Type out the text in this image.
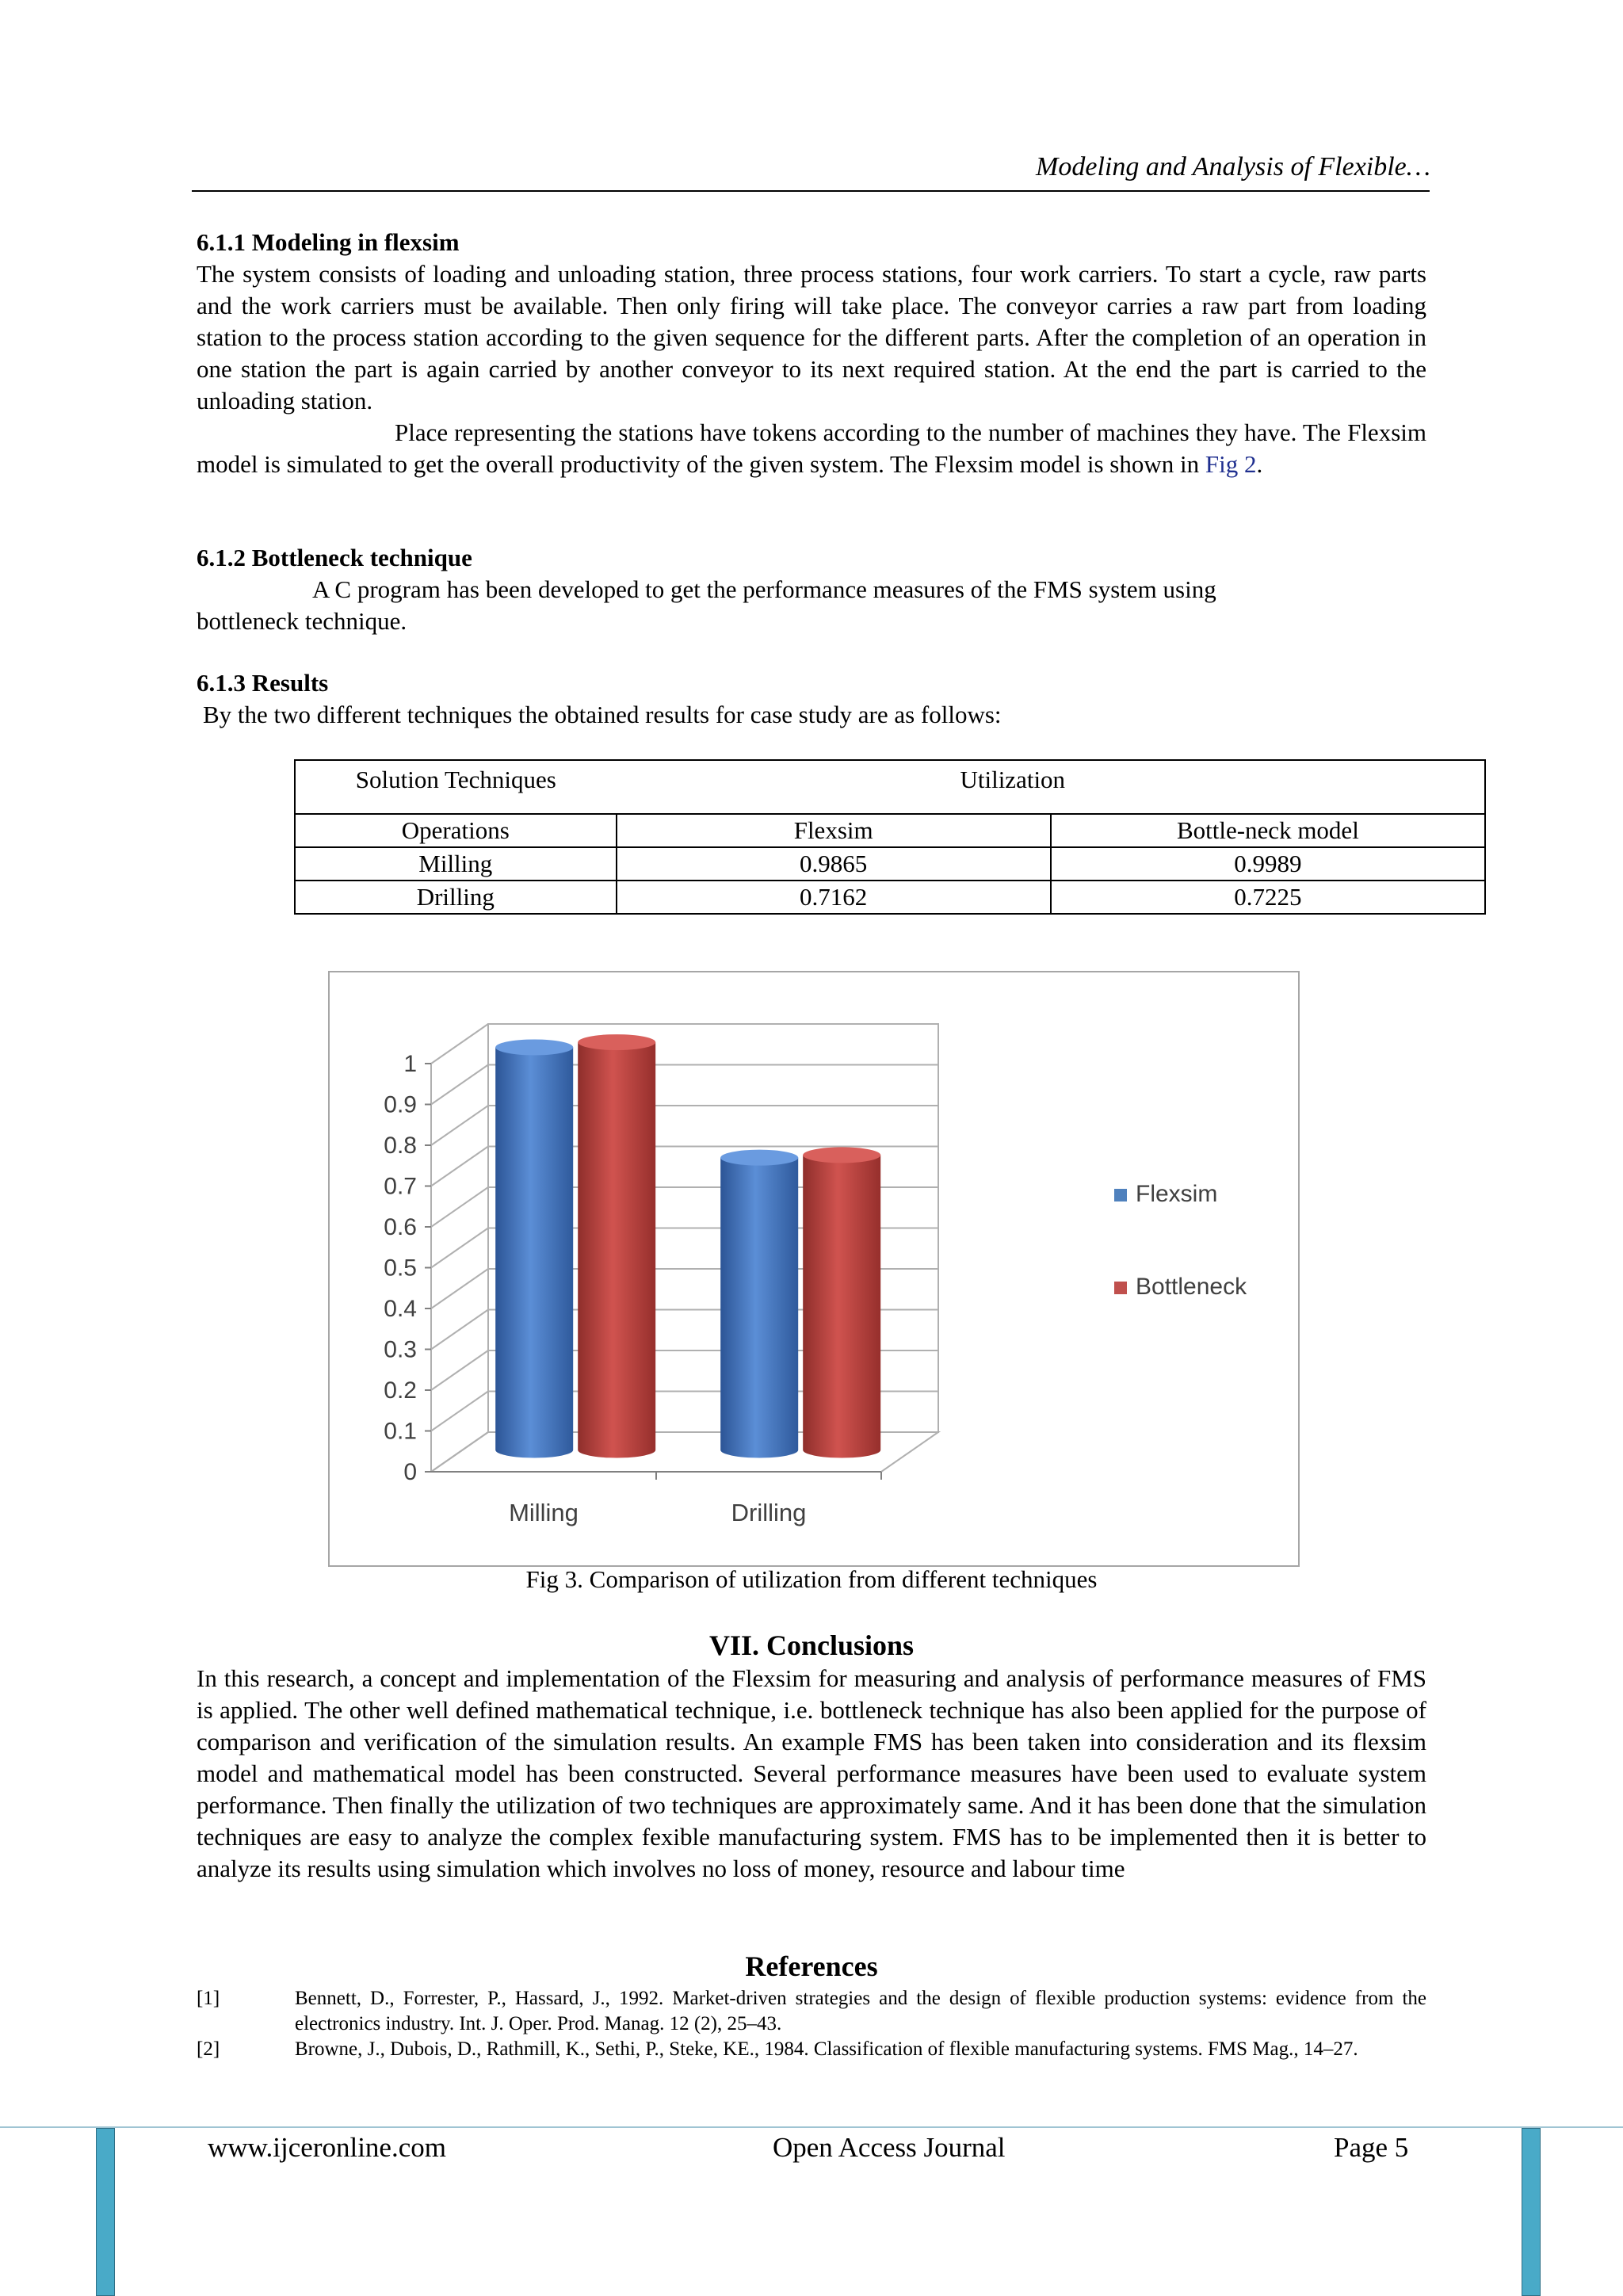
Modeling and Analysis of Flexible…
6.1.1 Modeling in flexsim
The system consists of loading and unloading station, three process stations, four work carriers. To start a cycle, raw parts and the work carriers must be available. Then only firing will take place. The conveyor carries a raw part from loading station to the process station according to the given sequence for the different parts. After the completion of an operation in one station the part is again carried by another conveyor to its next required station. At the end the part is carried to the unloading station.
Place representing the stations have tokens according to the number of machines they have. The Flexsim model is simulated to get the overall productivity of the given system. The Flexsim model is shown in Fig 2.
6.1.2 Bottleneck technique
A C program has been developed to get the performance measures of the FMS system using
bottleneck technique.
6.1.3 Results
By the two different techniques the obtained results for case study are as follows:
Solution Techniques	Utilization	
Operations	Flexsim	Bottle-neck model
Milling	0.9865	0.9989
Drilling	0.7162	0.7225
0
0.1
0.2
0.3
0.4
0.5
0.6
0.7
0.8
0.9
1
Milling	Drilling
Flexsim
Bottleneck
Fig 3. Comparison of utilization from different techniques
VII. Conclusions
In this research, a concept and implementation of the Flexsim for measuring and analysis of performance measures of FMS is applied. The other well defined mathematical technique, i.e. bottleneck technique has also been applied for the purpose of comparison and verification of the simulation results. An example FMS has been taken into consideration and its flexsim model and mathematical model has been constructed. Several performance measures have been used to evaluate system performance. Then finally the utilization of two techniques are approximately same. And it has been done that the simulation techniques are easy to analyze the complex fexible manufacturing system. FMS has to be implemented then it is better to analyze its results using simulation which involves no loss of money, resource and labour time
References
[1]	Bennett, D., Forrester, P., Hassard, J., 1992. Market-driven strategies and the design of flexible production systems: evidence from the electronics industry. Int. J. Oper. Prod. Manag. 12 (2), 25–43.
[2]	Browne, J., Dubois, D., Rathmill, K., Sethi, P., Steke, KE., 1984. Classification of flexible manufacturing systems. FMS Mag., 14–27.
www.ijceronline.com	Open Access Journal	Page 5
